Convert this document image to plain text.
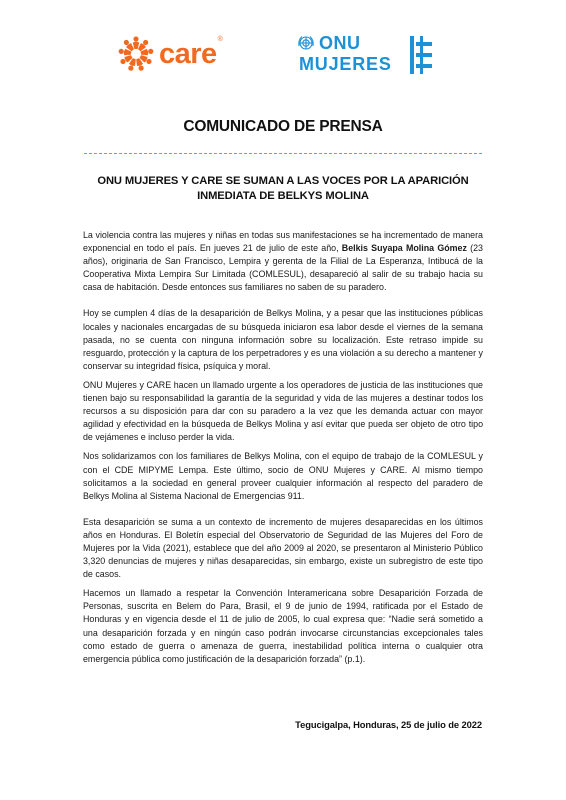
care ®	ONU
MUJERES
COMUNICADO DE PRENSA
ONU MUJERES Y CARE SE SUMAN A LAS VOCES POR LA APARICIÓN INMEDIATA DE BELKYS MOLINA

La violencia contra las mujeres y niñas en todas sus manifestaciones se ha incrementado de manera exponencial en todo el país. En jueves 21 de julio de este año, Belkis Suyapa Molina Gómez (23 años), originaria de San Francisco, Lempira y gerenta de la Filial de La Esperanza, Intibucá de la Cooperativa Mixta Lempira Sur Limitada (COMLESUL), desapareció al salir de su trabajo hacia su casa de habitación. Desde entonces sus familiares no saben de su paradero.

Hoy se cumplen 4 días de la desaparición de Belkys Molina, y a pesar que las instituciones públicas locales y nacionales encargadas de su búsqueda iniciaron esa labor desde el viernes de la semana pasada, no se cuenta con ninguna información sobre su localización. Este retraso impide su resguardo, protección y la captura de los perpetradores y es una violación a su derecho a mantener y conservar su integridad física, psíquica y moral.

ONU Mujeres y CARE hacen un llamado urgente a los operadores de justicia de las instituciones que tienen bajo su responsabilidad la garantía de la seguridad y vida de las mujeres a destinar todos los recursos a su disposición para dar con su paradero a la vez que les demanda actuar con mayor agilidad y efectividad en la búsqueda de Belkys Molina y así evitar que pueda ser objeto de otro tipo de vejámenes e incluso perder la vida.

Nos solidarizamos con los familiares de Belkys Molina, con el equipo de trabajo de la COMLESUL y con el CDE MIPYME Lempa. Este último, socio de ONU Mujeres y CARE. Al mismo tiempo solicitamos a la sociedad en general proveer cualquier información al respecto del paradero de Belkys Molina al Sistema Nacional de Emergencias 911.

Esta desaparición se suma a un contexto de incremento de mujeres desaparecidas en los últimos años en Honduras. El Boletín especial del Observatorio de Seguridad de las Mujeres del Foro de Mujeres por la Vida (2021), establece que del año 2009 al 2020, se presentaron al Ministerio Público 3,320 denuncias de mujeres y niñas desaparecidas, sin embargo, existe un subregistro de este tipo de casos.

Hacemos un llamado a respetar la Convención Interamericana sobre Desaparición Forzada de Personas, suscrita en Belem do Para, Brasil, el 9 de junio de 1994, ratificada por el Estado de Honduras y en vigencia desde el 11 de julio de 2005, lo cual expresa que: “Nadie será sometido a una desaparición forzada y en ningún caso podrán invocarse circunstancias excepcionales tales como estado de guerra o amenaza de guerra, inestabilidad política interna o cualquier otra emergencia pública como justificación de la desaparición forzada” (p.1).

Tegucigalpa, Honduras, 25 de julio de 2022
